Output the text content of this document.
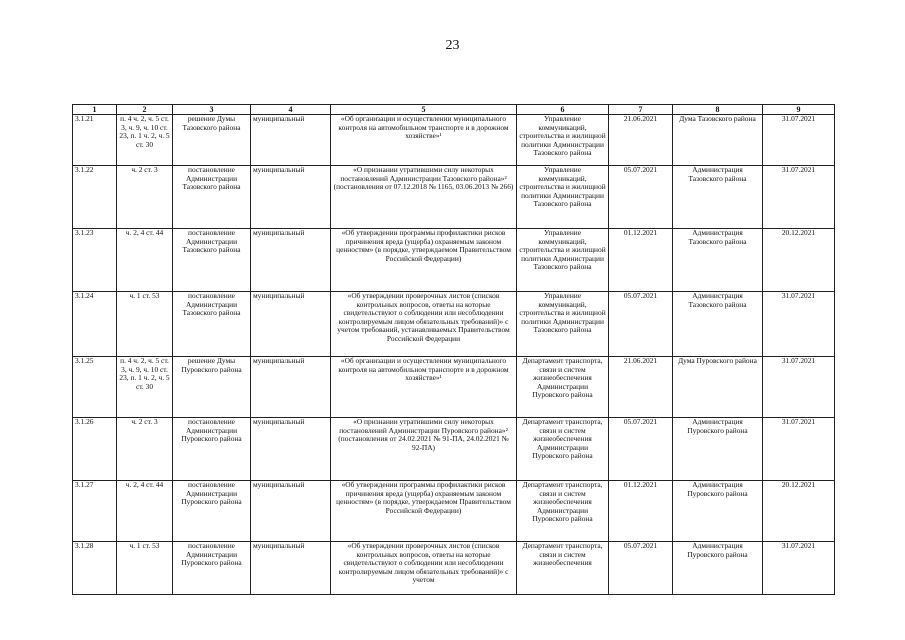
23
1	2	3	4	5	6	7	8	9
3.1.21	п. 4 ч. 2, ч. 5 ст. 3, ч. 9, ч. 10 ст. 23, п. 1 ч. 2, ч. 5 ст. 30	решение Думы Тазовского района	муниципальный	«Об организации и осуществлении муниципального контроля на автомобильном транспорте и в дорожном хозяйстве»¹	Управление коммуникаций, строительства и жилищной политики Администрации Тазовского района	21.06.2021	Дума Тазовского района	31.07.2021
3.1.22	ч. 2 ст. 3	постановление Администрации Тазовского района	муниципальный	«О признании утратившими силу некоторых постановлений Администрации Тазовского района»² (постановления от 07.12.2018 № 1165, 03.06.2013 № 266)	Управление коммуникаций, строительства и жилищной политики Администрации Тазовского района	05.07.2021	Администрация Тазовского района	31.07.2021
3.1.23	ч. 2, 4 ст. 44	постановление Администрации Тазовского района	муниципальный	«Об утверждении программы профилактики рисков причинения вреда (ущерба) охраняемым законом ценностям» (в порядке, утверждаемом Правительством Российской Федерации)	Управление коммуникаций, строительства и жилищной политики Администрации Тазовского района	01.12.2021	Администрация Тазовского района	20.12.2021
3.1.24	ч. 1 ст. 53	постановление Администрации Тазовского района	муниципальный	«Об утверждении проверочных листов (списков контрольных вопросов, ответы на которые свидетельствуют о соблюдении или несоблюдении контролируемым лицом обязательных требований)» с учетом требований, устанавливаемых Правительством Российской Федерации	Управление коммуникаций, строительства и жилищной политики Администрации Тазовского района	05.07.2021	Администрация Тазовского района	31.07.2021
3.1.25	п. 4 ч. 2, ч. 5 ст. 3, ч. 9, ч. 10 ст. 23, п. 1 ч. 2, ч. 5 ст. 30	решение Думы Пуровского района	муниципальный	«Об организации и осуществлении муниципального контроля на автомобильном транспорте и в дорожном хозяйстве»¹	Департамент транспорта, связи и систем жизнеобеспечения Администрации Пуровского района	21.06.2021	Дума Пуровского района	31.07.2021
3.1.26	ч. 2 ст. 3	постановление Администрации Пуровского района	муниципальный	«О признании утратившими силу некоторых постановлений Администрации Пуровского района»² (постановления от 24.02.2021 № 91-ПА, 24.02.2021 № 92-ПА)	Департамент транспорта, связи и систем жизнеобеспечения Администрации Пуровского района	05.07.2021	Администрация Пуровского района	31.07.2021
3.1.27	ч. 2, 4 ст. 44	постановление Администрации Пуровского района	муниципальный	«Об утверждении программы профилактики рисков причинения вреда (ущерба) охраняемым законом ценностям» (в порядке, утверждаемом Правительством Российской Федерации)	Департамент транспорта, связи и систем жизнеобеспечения Администрации Пуровского района	01.12.2021	Администрация Пуровского района	20.12.2021
3.1.28	ч. 1 ст. 53	постановление Администрации Пуровского района	муниципальный	«Об утверждении проверочных листов (списков контрольных вопросов, ответы на которые свидетельствуют о соблюдении или несоблюдении контролируемым лицом обязательных требований)» с учетом	Департамент транспорта, связи и систем жизнеобеспечения	05.07.2021	Администрация Пуровского района	31.07.2021
